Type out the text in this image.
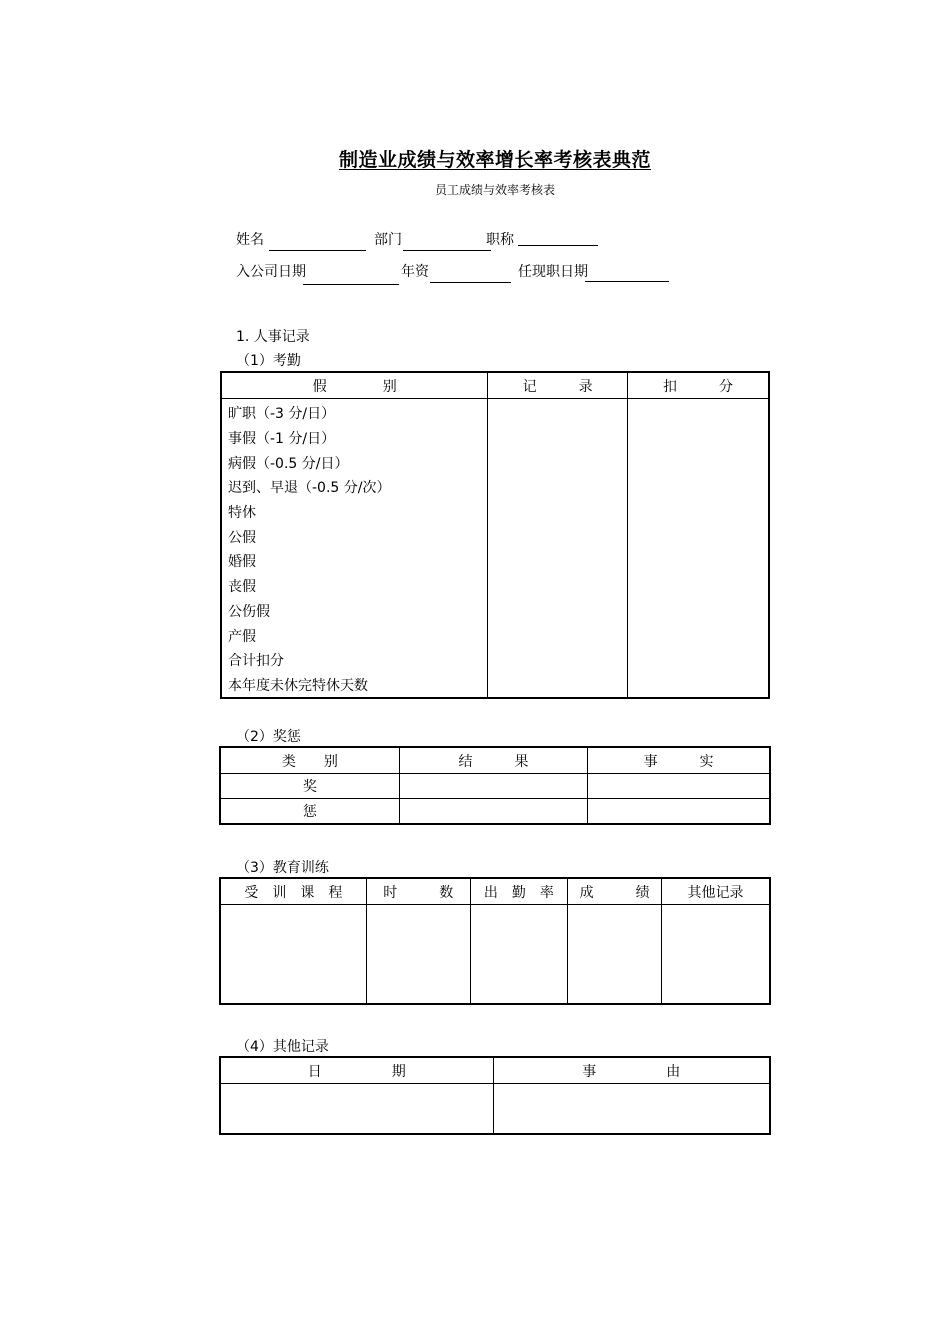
制造业成绩与效率增长率考核表典范
员工成绩与效率考核表
姓名	部门	职称
入公司日期	年资	任现职日期
1. 人事记录
（1）考勤
假　　　　别	记　　　录	扣　　　分
旷职（-3 分/日）		
事假（-1 分/日）		
病假（-0.5 分/日）		
迟到、早退（-0.5 分/次）		
特休		
公假		
婚假		
丧假		
公伤假		
产假		
合计扣分		
本年度未休完特休天数		
（2）奖惩
类　　别	结　　　果	事　　　实
奖		
惩		
（3）教育训练
受　训　课　程	时　　　数	出　勤　率	成　　　绩	其他记录

（4）其他记录
日　　　　　期	事　　　　　由
